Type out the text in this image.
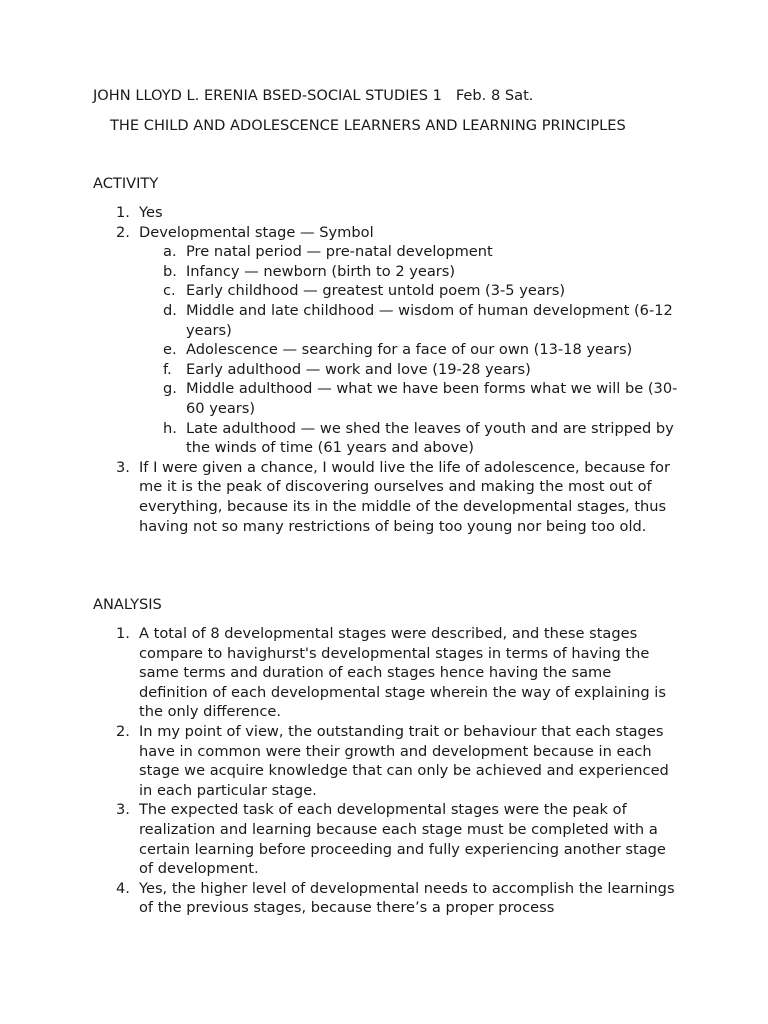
JOHN LLOYD L. ERENIA BSED-SOCIAL STUDIES 1   Feb. 8 Sat.
THE CHILD AND ADOLESCENCE LEARNERS AND LEARNING PRINCIPLES

ACTIVITY

1. Yes
2. Developmental stage — Symbol
a. Pre natal period — pre-natal development
b. Infancy — newborn (birth to 2 years)
c. Early childhood — greatest untold poem (3-5 years)
d. Middle and late childhood — wisdom of human development (6-12 years)
e. Adolescence — searching for a face of our own (13-18 years)
f. Early adulthood — work and love (19-28 years)
g. Middle adulthood — what we have been forms what we will be (30-60 years)
h. Late adulthood — we shed the leaves of youth and are stripped by the winds of time (61 years and above)
3. If I were given a chance, I would live the life of adolescence, because for me it is the peak of discovering ourselves and making the most out of everything, because its in the middle of the developmental stages, thus having not so many restrictions of being too young nor being too old.

ANALYSIS

1. A total of 8 developmental stages were described, and these stages compare to havighurst's developmental stages in terms of having the same terms and duration of each stages hence having the same definition of each developmental stage wherein the way of explaining is the only difference.
2. In my point of view, the outstanding trait or behaviour that each stages have in common were their growth and development because in each stage we acquire knowledge that can only be achieved and experienced in each particular stage.
3. The expected task of each developmental stages were the peak of realization and learning because each stage must be completed with a certain learning before proceeding and fully experiencing another stage of development.
4. Yes, the higher level of developmental needs to accomplish the learnings of the previous stages, because there’s a proper process
